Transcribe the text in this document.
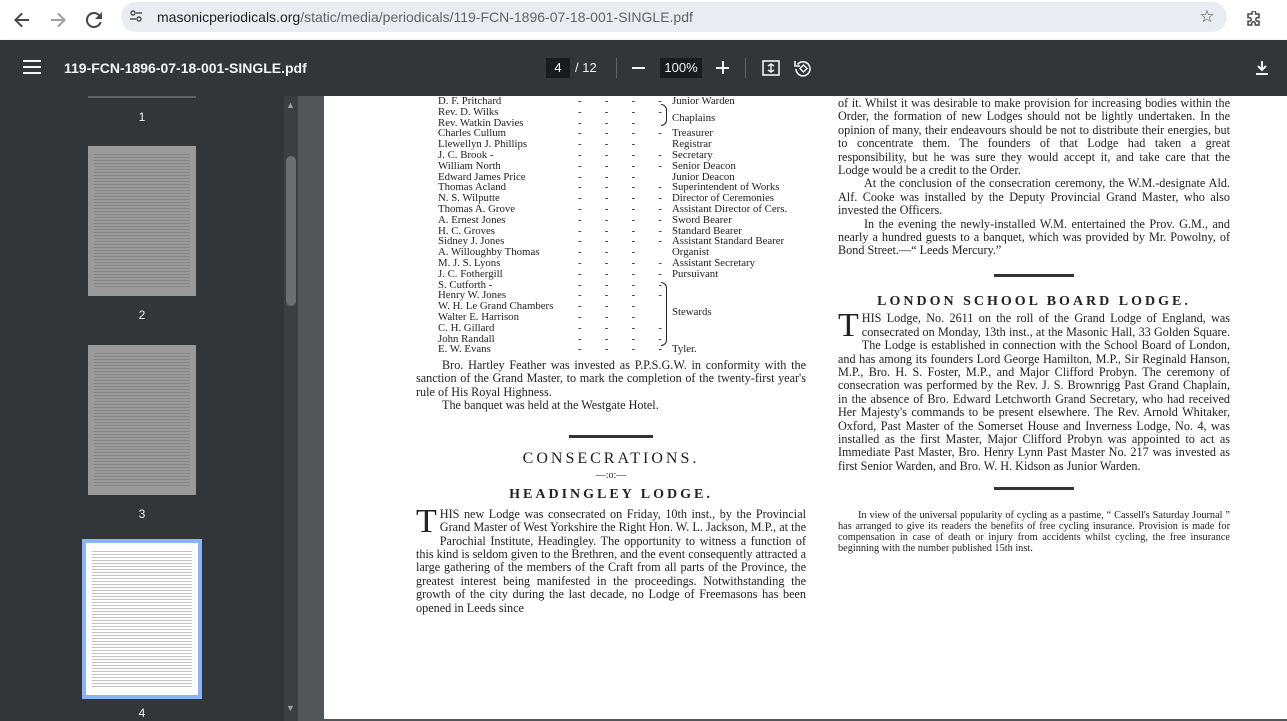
masonicperiodicals.org/static/media/periodicals/119-FCN-1896-07-18-001-SINGLE.pdf	☆
119-FCN-1896-07-18-001-SINGLE.pdf	4	/ 12	100%
1
2
3
4
▲
▼
D. F. Pritchard	-      -      -      - Junior Warden
Rev. D. Wilks	-      -      -      -
Rev. Watkin Davies	-      -      -	Chaplains
Charles Cullum	-      -      -      - Treasurer
Llewellyn J. Phillips	-      -      -	Registrar
J. C. Brook -	-      -      -      - Secretary
William North	-      -      -      - Senior Deacon
Edward James Price	-      -      -	Junior Deacon
Thomas Acland	-      -      -      - Superintendent of Works
N. S. Wilputte	-      -      -      - Director of Ceremonies
Thomas A. Grove	-      -      -      - Assistant Director of Cers.
A. Ernest Jones	-      -      -      - Sword Bearer
H. C. Groves	-      -      -      - Standard Bearer
Sidney J. Jones	-      -      -      - Assistant Standard Bearer
A. Willoughby Thomas	-      -      -	Organist
M. J. S. Lyons	-      -      -      - Assistant Secretary
J. C. Fothergill	-      -      -      - Pursuivant
S. Cutforth -	-      -      -      -
Henry W. Jones	-      -      -      -
W. H. Le Grand Chambers	-      -      -
Walter E. Harrison	-      -      -	Stewards
C. H. Gillard	-      -      -      -
John Randall	-      -      -      -
E. W. Evans	-      -      -      - Tyler.

Bro. Hartley Feather was invested as P.P.S.G.W. in conformity with the sanction of the Grand Master, to mark the completion of the twenty-first year's rule of His Royal Highness.

The banquet was held at the Westgate Hotel.

CONSECRATIONS.
—:o:—
HEADINGLEY LODGE.

THIS new Lodge was consecrated on Friday, 10th inst., by the Provincial Grand Master of West Yorkshire the Right Hon. W. L. Jackson, M.P., at the Parochial Institute, Headingley. The opportunity to witness a function of this kind is seldom given to the Brethren, and the event consequently attracted a large gathering of the members of the Craft from all parts of the Province, the greatest interest being manifested in the proceedings. Notwithstanding the growth of the city during the last decade, no Lodge of Freemasons has been opened in Leeds since

of it. Whilst it was desirable to make provision for increasing bodies within the Order, the formation of new Lodges should not be lightly undertaken. In the opinion of many, their endeavours should be not to distribute their energies, but to concentrate them. The founders of that Lodge had taken a great responsibility, but he was sure they would accept it, and take care that the Lodge would be a credit to the Order.

At the conclusion of the consecration ceremony, the W.M.-designate Ald. Alf. Cooke was installed by the Deputy Provincial Grand Master, who also invested the Officers.

In the evening the newly-installed W.M. entertained the Prov. G.M., and nearly a hundred guests to a banquet, which was provided by Mr. Powolny, of Bond Street.—“ Leeds Mercury.”

LONDON SCHOOL BOARD LODGE.

THIS Lodge, No. 2611 on the roll of the Grand Lodge of England, was consecrated on Monday, 13th inst., at the Masonic Hall, 33 Golden Square. The Lodge is established in connection with the School Board of London, and has among its founders Lord George Hamilton, M.P., Sir Reginald Hanson, M.P., Bro. H. S. Foster, M.P., and Major Clifford Probyn. The ceremony of consecration was performed by the Rev. J. S. Brownrigg Past Grand Chaplain, in the absence of Bro. Edward Letchworth Grand Secretary, who had received Her Majesty's commands to be present elsewhere. The Rev. Arnold Whitaker, Oxford, Past Master of the Somerset House and Inverness Lodge, No. 4, was installed as the first Master, Major Clifford Probyn was appointed to act as Immediate Past Master, Bro. Henry Lynn Past Master No. 217 was invested as first Senior Warden, and Bro. W. H. Kidson as Junior Warden.

In view of the universal popularity of cycling as a pastime, “ Cassell's Saturday Journal ” has arranged to give its readers the benefits of free cycling insurance. Provision is made for compensation in case of death or injury from accidents whilst cycling, the free insurance beginning with the number published 15th inst.
